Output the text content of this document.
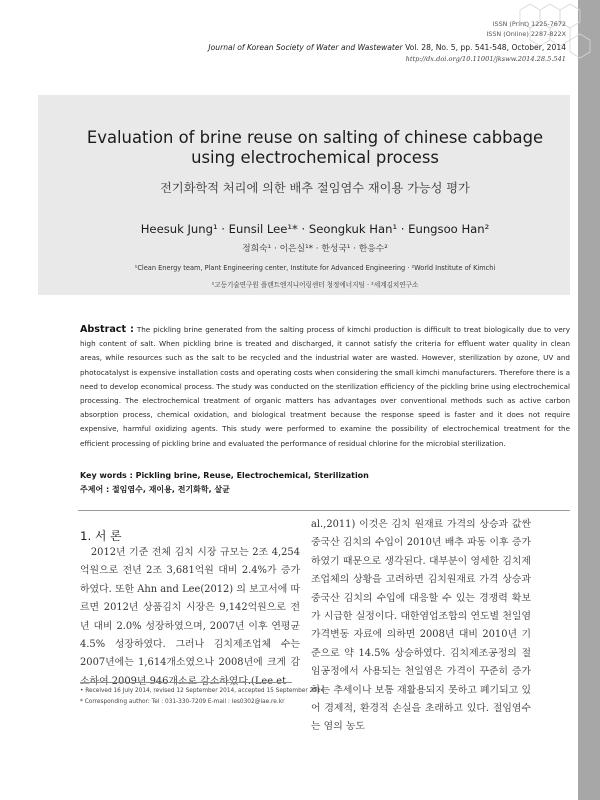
ISSN (Print) 1225-7672
ISSN (Online) 2287-822X
Journal of Korean Society of Water and Wastewater Vol. 28, No. 5, pp. 541-548, October, 2014
http://dx.doi.org/10.11001/jksww.2014.28.5.541
Evaluation of brine reuse on salting of chinese cabbage
using electrochemical process
전기화학적 처리에 의한 배추 절임염수 재이용 가능성 평가
Heesuk Jung¹ · Eunsil Lee¹* · Seongkuk Han¹ · Eungsoo Han²
정희숙¹ · 이은실¹* · 한성국¹ · 한응수²
¹Clean Energy team, Plant Engineering center, Institute for Advanced Engineering · ²World Institute of Kimchi
¹고등기술연구원 플랜트엔지니어링센터 청정에너지팀 · ²세계김치연구소
Abstract : The pickling brine generated from the salting process of kimchi production is difficult to treat biologically due to very high content of salt. When pickling brine is treated and discharged, it cannot satisfy the criteria for effluent water quality in clean areas, while resources such as the salt to be recycled and the industrial water are wasted. However, sterilization by ozone, UV and photocatalyst is expensive installation costs and operating costs when considering the small kimchi manufacturers. Therefore there is a need to develop economical process. The study was conducted on the sterilization efficiency of the pickling brine using electrochemical processing. The electrochemical treatment of organic matters has advantages over conventional methods such as active carbon absorption process, chemical oxidation, and biological treatment because the response speed is faster and it does not require expensive, harmful oxidizing agents. This study were performed to examine the possibility of electrochemical treatment for the efficient processing of pickling brine and evaluated the performance of residual chlorine for the microbial sterilization.
Key words : Pickling brine, Reuse, Electrochemical, Sterilization
주제어 : 절임염수, 재이용, 전기화학, 살균
1. 서 론

2012년 기준 전체 김치 시장 규모는 2조 4,254억원으로 전년 2조 3,681억원 대비 2.4%가 증가하였다. 또한 Ahn and Lee(2012) 의 보고서에 따르면 2012년 상품김치 시장은 9,142억원으로 전년 대비 2.0% 성장하였으며, 2007년 이후 연평균 4.5% 성장하였다. 그러나 김치제조업체 수는 2007년에는 1,614개소였으나 2008년에 크게 감

al.,2011) 이것은 김치 원재료 가격의 상승과 값싼 중국산 김치의 수입이 2010년 배추 파동 이후 증가하였기 때문으로 생각된다. 대부분이 영세한 김치제조업체의 상황을 고려하면 김치원재료 가격 상승과 중국산 김치의 수입에 대응할 수 있는 경쟁력 확보가 시급한 실정이다. 대한염업조합의 연도별 천일염 가격변동 자료에 의하면 2008년 대비 2010년 기준으로 약 14.5% 상승하였다. 김치제조공정의 절임공정에서 사용되는 천일염은 가격이 꾸준히 증가하는 추세이나 보통 재활용되지 못하고 폐기되고 있어 경제적, 환경적 손실을 초래하고 있다. 절임염수는 염의 농도

• Received 16 July 2014, revised 12 September 2014, accepted 15 September 2014.
* Corresponding author: Tel : 031-330-7209 E-mail : les0302@iae.re.kr
